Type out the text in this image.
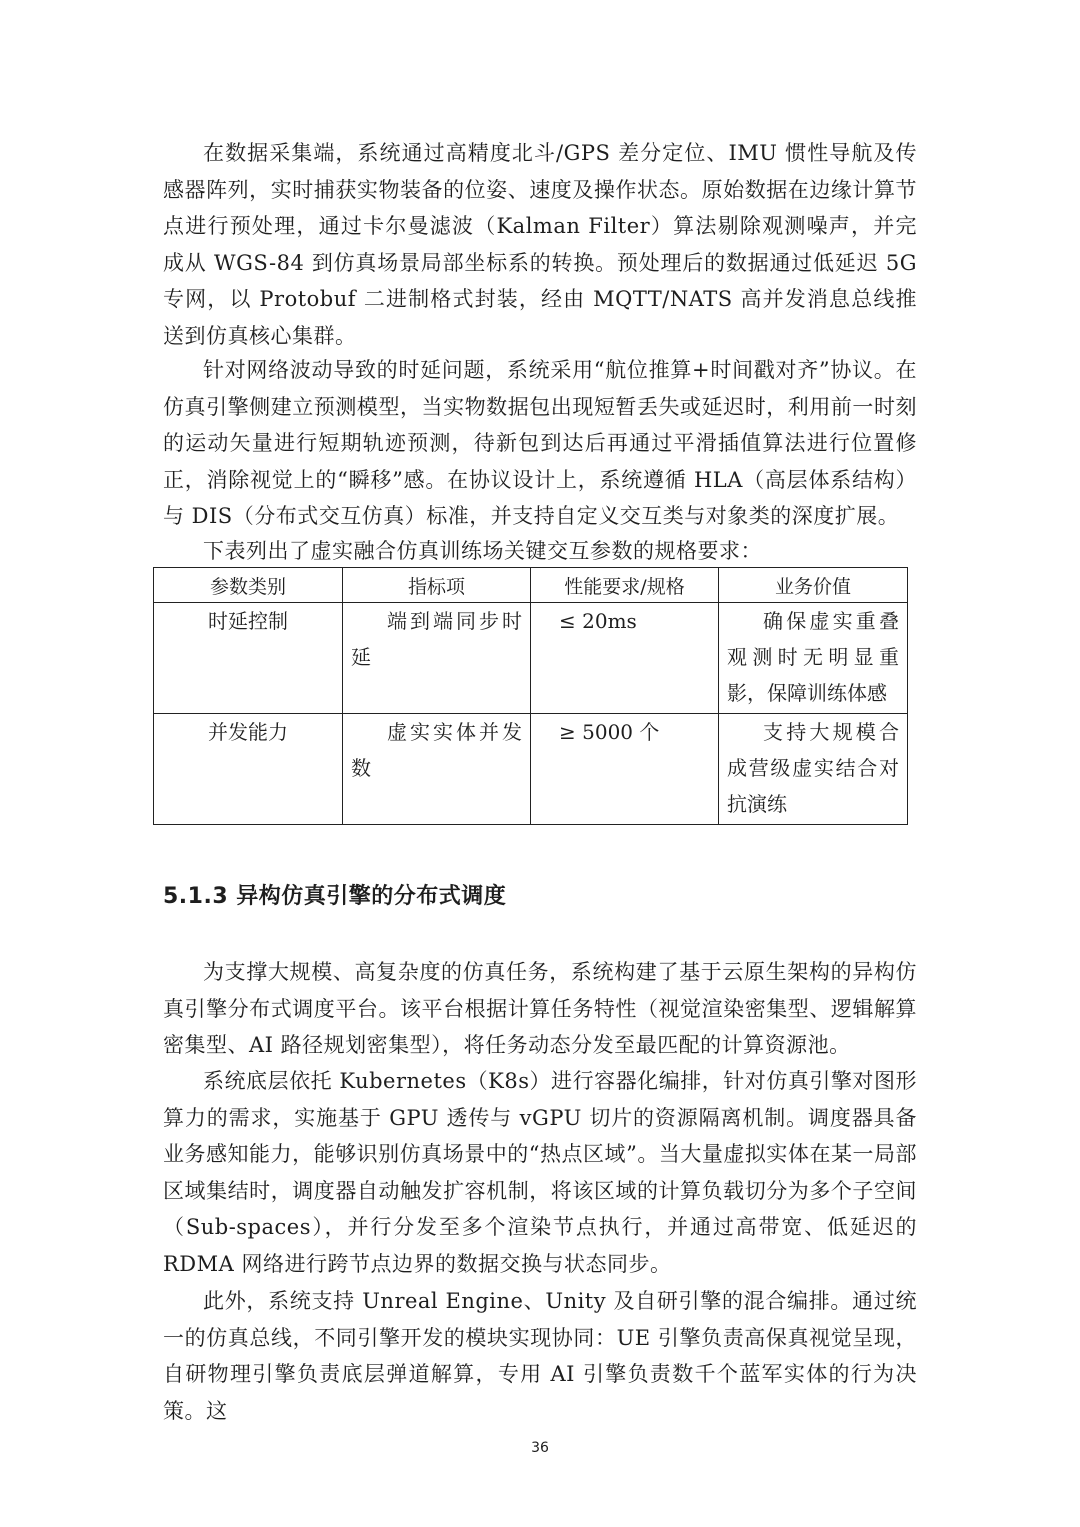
在数据采集端，系统通过高精度北斗/GPS 差分定位、IMU 惯性导航及传感器阵列，实时捕获实物装备的位姿、速度及操作状态。原始数据在边缘计算节点进行预处理，通过卡尔曼滤波（Kalman Filter）算法剔除观测噪声，并完成从 WGS-84 到仿真场景局部坐标系的转换。预处理后的数据通过低延迟 5G 专网，以 Protobuf 二进制格式封装，经由 MQTT/NATS 高并发消息总线推送到仿真核心集群。

针对网络波动导致的时延问题，系统采用“航位推算+时间戳对齐”协议。在仿真引擎侧建立预测模型，当实物数据包出现短暂丢失或延迟时，利用前一时刻的运动矢量进行短期轨迹预测，待新包到达后再通过平滑插值算法进行位置修正，消除视觉上的“瞬移”感。在协议设计上，系统遵循 HLA（高层体系结构）与 DIS（分布式交互仿真）标准，并支持自定义交互类与对象类的深度扩展。

下表列出了虚实融合仿真训练场关键交互参数的规格要求：

参数类别	指标项	性能要求/规格	业务价值
时延控制	端到端同步时延	≤ 20ms	确保虚实重叠观测时无明显重影，保障训练体感
并发能力	虚实实体并发数	≥ 5000 个	支持大规模合成营级虚实结合对抗演练
5.1.3 异构仿真引擎的分布式调度

为支撑大规模、高复杂度的仿真任务，系统构建了基于云原生架构的异构仿真引擎分布式调度平台。该平台根据计算任务特性（视觉渲染密集型、逻辑解算密集型、AI 路径规划密集型），将任务动态分发至最匹配的计算资源池。

系统底层依托 Kubernetes（K8s）进行容器化编排，针对仿真引擎对图形算力的需求，实施基于 GPU 透传与 vGPU 切片的资源隔离机制。调度器具备业务感知能力，能够识别仿真场景中的“热点区域”。当大量虚拟实体在某一局部区域集结时，调度器自动触发扩容机制，将该区域的计算负载切分为多个子空间（Sub-spaces），并行分发至多个渲染节点执行，并通过高带宽、低延迟的 RDMA 网络进行跨节点边界的数据交换与状态同步。

此外，系统支持 Unreal Engine、Unity 及自研引擎的混合编排。通过统一的仿真总线，不同引擎开发的模块实现协同：UE 引擎负责高保真视觉呈现，自研物理引擎负责底层弹道解算，专用 AI 引擎负责数千个蓝军实体的行为决策。这

36
